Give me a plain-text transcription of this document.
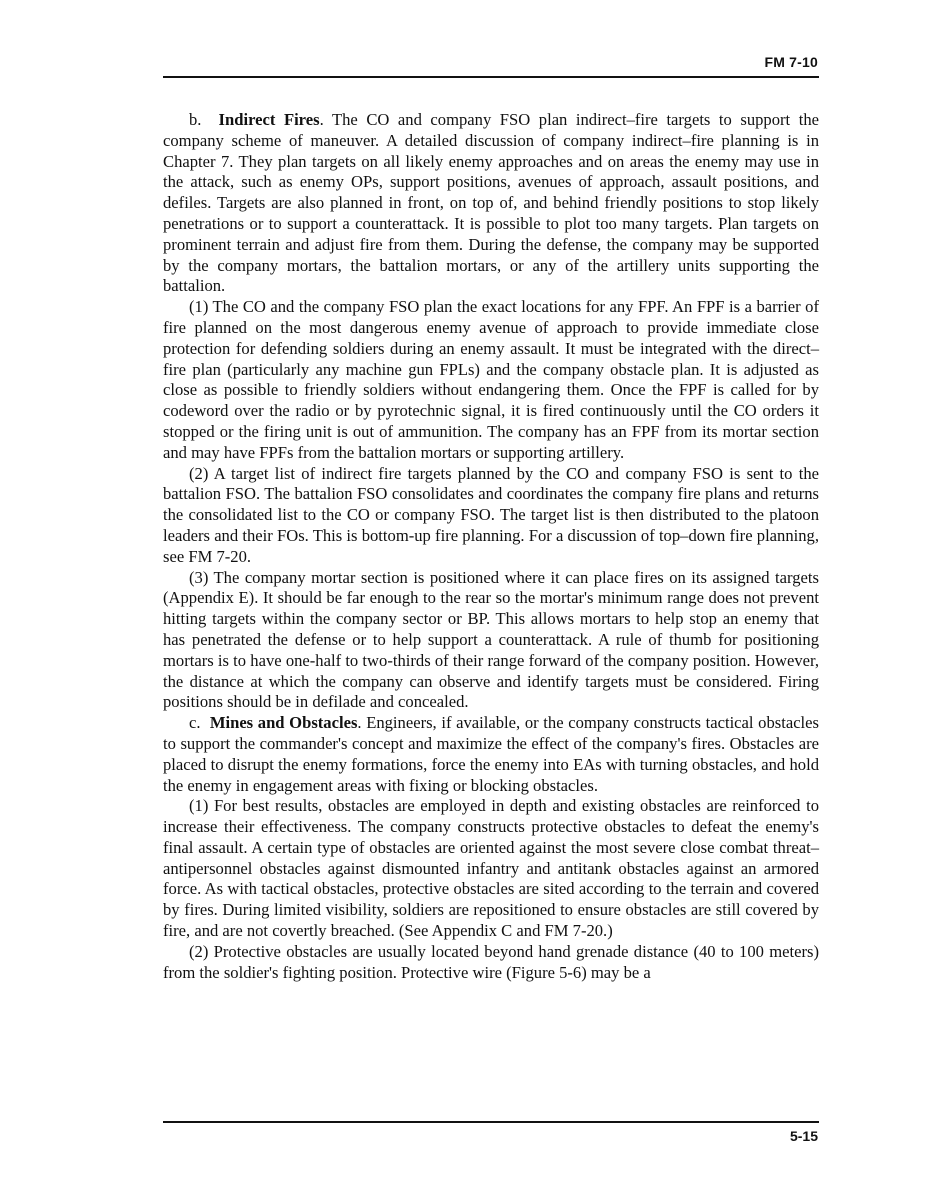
FM 7-10

b. Indirect Fires. The CO and company FSO plan indirect–fire targets to support the company scheme of maneuver. A detailed discussion of company indirect–fire planning is in Chapter 7. They plan targets on all likely enemy approaches and on areas the enemy may use in the attack, such as enemy OPs, support positions, avenues of approach, assault positions, and defiles. Targets are also planned in front, on top of, and behind friendly positions to stop likely penetrations or to support a counterattack. It is possible to plot too many targets. Plan targets on prominent terrain and adjust fire from them. During the defense, the company may be supported by the company mortars, the battalion mortars, or any of the artillery units supporting the battalion.

(1) The CO and the company FSO plan the exact locations for any FPF. An FPF is a barrier of fire planned on the most dangerous enemy avenue of approach to provide immediate close protection for defending soldiers during an enemy assault. It must be integrated with the direct–fire plan (particularly any machine gun FPLs) and the company obstacle plan. It is adjusted as close as possible to friendly soldiers without endangering them. Once the FPF is called for by codeword over the radio or by pyrotechnic signal, it is fired continuously until the CO orders it stopped or the firing unit is out of ammunition. The company has an FPF from its mortar section and may have FPFs from the battalion mortars or supporting artillery.

(2) A target list of indirect fire targets planned by the CO and company FSO is sent to the battalion FSO. The battalion FSO consolidates and coordinates the company fire plans and returns the consolidated list to the CO or company FSO. The target list is then distributed to the platoon leaders and their FOs. This is bottom-up fire planning. For a discussion of top–down fire planning, see FM 7-20.

(3) The company mortar section is positioned where it can place fires on its assigned targets (Appendix E). It should be far enough to the rear so the mortar's minimum range does not prevent hitting targets within the company sector or BP. This allows mortars to help stop an enemy that has penetrated the defense or to help support a counterattack. A rule of thumb for positioning mortars is to have one-half to two-thirds of their range forward of the company position. However, the distance at which the company can observe and identify targets must be considered. Firing positions should be in defilade and concealed.

c. Mines and Obstacles. Engineers, if available, or the company constructs tactical obstacles to support the commander's concept and maximize the effect of the company's fires. Obstacles are placed to disrupt the enemy formations, force the enemy into EAs with turning obstacles, and hold the enemy in engagement areas with fixing or blocking obstacles.

(1) For best results, obstacles are employed in depth and existing obstacles are reinforced to increase their effectiveness. The company constructs protective obstacles to defeat the enemy's final assault. A certain type of obstacles are oriented against the most severe close combat threat–antipersonnel obstacles against dismounted infantry and antitank obstacles against an armored force. As with tactical obstacles, protective obstacles are sited according to the terrain and covered by fires. During limited visibility, soldiers are repositioned to ensure obstacles are still covered by fire, and are not covertly breached. (See Appendix C and FM 7-20.)

(2) Protective obstacles are usually located beyond hand grenade distance (40 to 100 meters) from the soldier's fighting position. Protective wire (Figure 5-6) may be a

5-15
